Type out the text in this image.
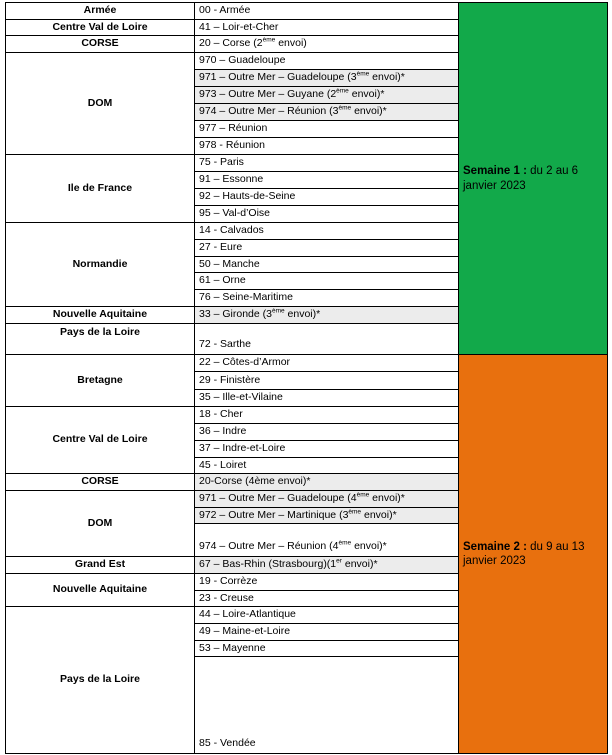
00 - Armée
Armée
41 – Loir-et-Cher
Centre Val de Loire
20 – Corse (2ème envoi)
CORSE
970 – Guadeloupe
971 – Outre Mer – Guadeloupe (3ème envoi)*
973 – Outre Mer – Guyane (2ème envoi)*
974 – Outre Mer – Réunion (3ème envoi)*
977 – Réunion
978 - Réunion
DOM
75 - Paris
91 – Essonne
92 – Hauts-de-Seine
95 – Val-d’Oise
Ile de France
14 - Calvados
27 - Eure
50 – Manche
61 – Orne
76 – Seine-Maritime
Normandie
33 – Gironde (3ème envoi)*
Nouvelle Aquitaine
72 - Sarthe
Pays de la Loire
22 – Côtes-d’Armor
29 - Finistère
35 – Ille-et-Vilaine
Bretagne
18 - Cher
36 – Indre
37 – Indre-et-Loire
45 - Loiret
Centre Val de Loire
20-Corse (4ème envoi)*
CORSE
971 – Outre Mer – Guadeloupe (4ème envoi)*
972 – Outre Mer – Martinique (3ème envoi)*
974 – Outre Mer – Réunion (4ème envoi)*
DOM
67 – Bas-Rhin (Strasbourg)(1er envoi)*
Grand Est
19 - Corrèze
23 - Creuse
Nouvelle Aquitaine
44 – Loire-Atlantique
49 – Maine-et-Loire
53 – Mayenne
85 - Vendée
Pays de la Loire
Semaine 1 : du 2 au 6 janvier 2023
Semaine 2 : du 9 au 13 janvier 2023
